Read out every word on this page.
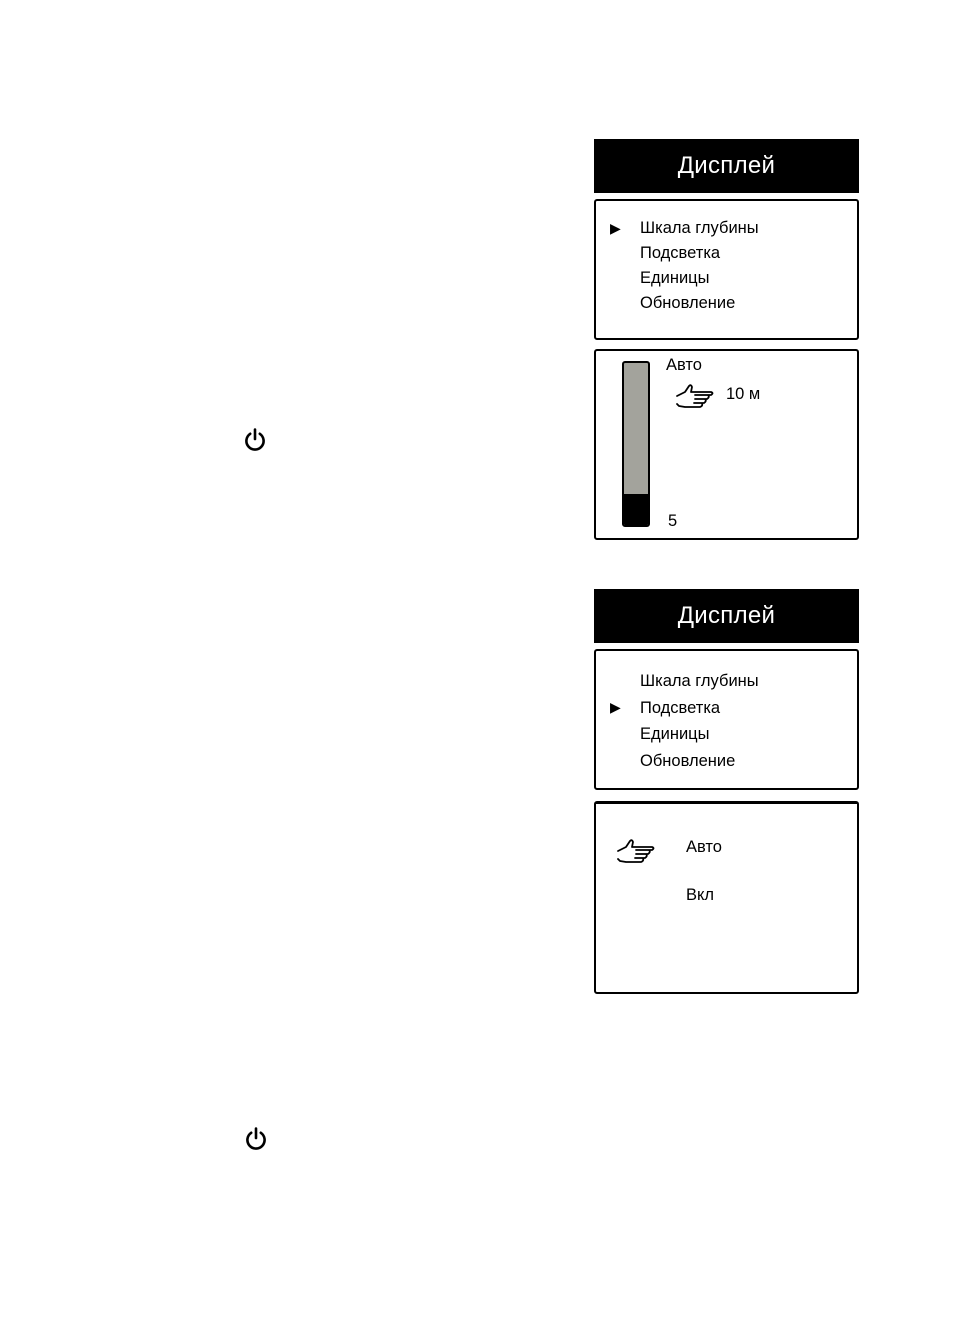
Дисплей
▶ Шкала глубины
Подсветка
Единицы
Обновление
Авто
10 м
5
Дисплей
Шкала глубины
▶ Подсветка
Единицы
Обновление
Авто
Вкл
